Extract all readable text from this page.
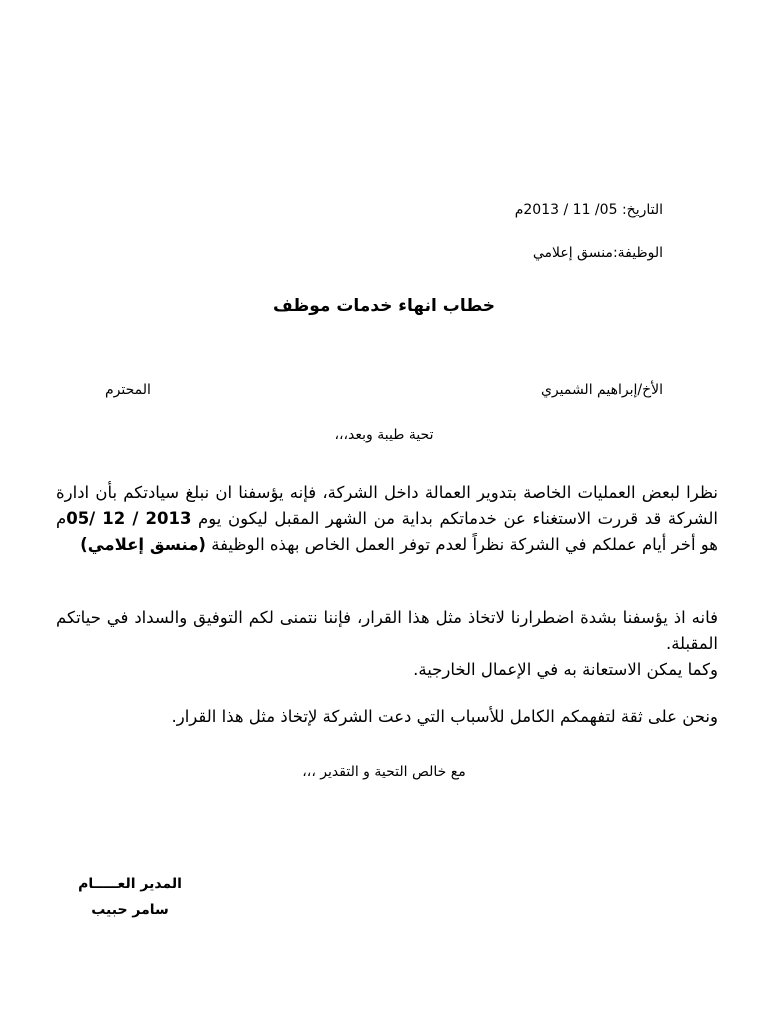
التاريخ: 05/ 11 / 2013م
الوظيفة:منسق إعلامي
خطاب انهاء خدمات موظف
الأخ/إبراهيم الشميري
المحترم
تحية طيبة وبعد،،،
نظرا لبعض العمليات الخاصة بتدوير العمالة داخل الشركة، فإنه يؤسفنا ان نبلغ سيادتكم بأن ادارة الشركة قد قررت الاستغناء عن خدماتكم بداية من الشهر المقبل ليكون يوم 05/ 12 / 2013م هو أخر أيام عملكم في الشركة نظراً لعدم توفر العمل الخاص بهذه الوظيفة (منسق إعلامي)
فانه اذ يؤسفنا بشدة اضطرارنا لاتخاذ مثل هذا القرار، فإننا نتمنى لكم التوفيق والسداد في حياتكم المقبلة.
وكما يمكن الاستعانة به في الإعمال الخارجية.
ونحن على ثقة لتفهمكم الكامل للأسباب التي دعت الشركة لإتخاذ مثل هذا القرار.
مع خالص التحية و التقدير ،،،
المدير العـــــام
سامر حبيب
